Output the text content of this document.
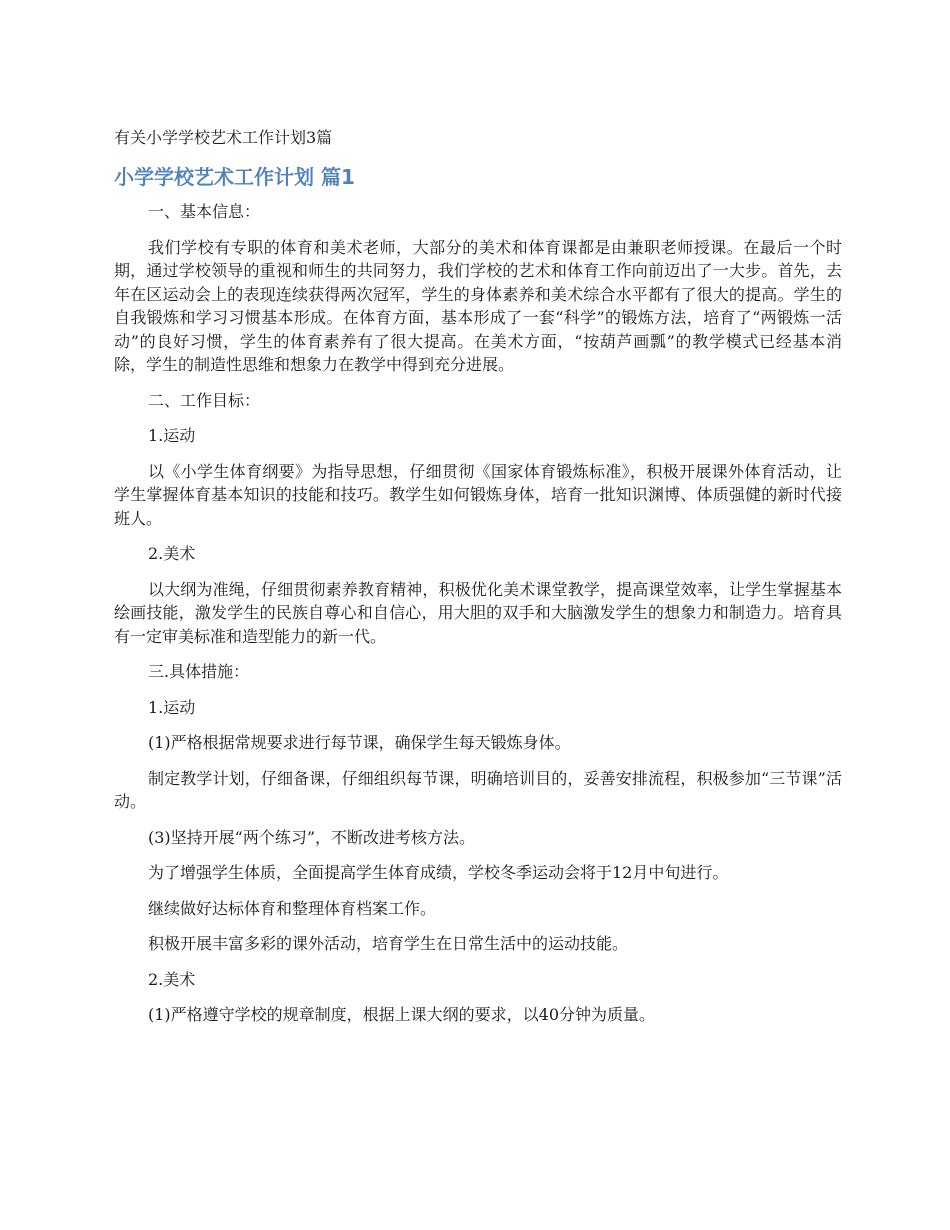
有关小学学校艺术工作计划3篇
小学学校艺术工作计划 篇1

一、基本信息：

我们学校有专职的体育和美术老师，大部分的美术和体育课都是由兼职老师授课。在最后一个时期，通过学校领导的重视和师生的共同努力，我们学校的艺术和体育工作向前迈出了一大步。首先，去年在区运动会上的表现连续获得两次冠军，学生的身体素养和美术综合水平都有了很大的提高。学生的自我锻炼和学习习惯基本形成。在体育方面，基本形成了一套“科学”的锻炼方法，培育了“两锻炼一活动”的良好习惯，学生的体育素养有了很大提高。在美术方面，“按葫芦画瓢”的教学模式已经基本消除，学生的制造性思维和想象力在教学中得到充分进展。

二、工作目标：

1.运动

以《小学生体育纲要》为指导思想，仔细贯彻《国家体育锻炼标准》，积极开展课外体育活动，让学生掌握体育基本知识的技能和技巧。教学生如何锻炼身体，培育一批知识渊博、体质强健的新时代接班人。

2.美术

以大纲为准绳，仔细贯彻素养教育精神，积极优化美术课堂教学，提高课堂效率，让学生掌握基本绘画技能，激发学生的民族自尊心和自信心，用大胆的双手和大脑激发学生的想象力和制造力。培育具有一定审美标准和造型能力的新一代。

三.具体措施：

1.运动

(1)严格根据常规要求进行每节课，确保学生每天锻炼身体。

制定教学计划，仔细备课，仔细组织每节课，明确培训目的，妥善安排流程，积极参加“三节课”活动。

(3)坚持开展“两个练习”，不断改进考核方法。

为了增强学生体质，全面提高学生体育成绩，学校冬季运动会将于12月中旬进行。

继续做好达标体育和整理体育档案工作。

积极开展丰富多彩的课外活动，培育学生在日常生活中的运动技能。

2.美术

(1)严格遵守学校的规章制度，根据上课大纲的要求，以40分钟为质量。
